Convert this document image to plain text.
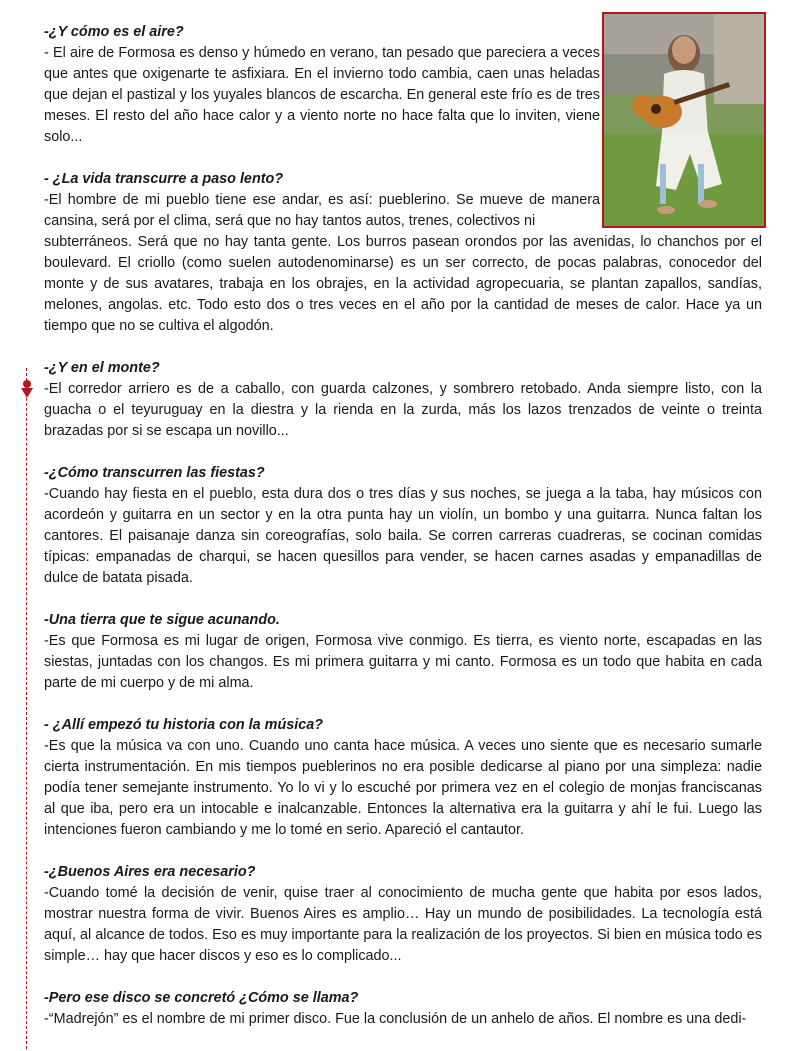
-¿Y cómo es el aire?

- El aire de Formosa es denso y húmedo en verano, tan pesado que pareciera a veces que antes que oxigenarte te asfixiara. En el invierno todo cambia, caen unas heladas que dejan el pastizal y los yuyales blancos de escarcha. En general este frío es de tres meses. El resto del año hace calor y a viento norte no hace falta que lo inviten, viene solo...

- ¿La vida transcurre a paso lento?

-El hombre de mi pueblo tiene ese andar, es así: pueblerino. Se mueve de manera cansina, será por el clima, será que no hay tantos autos, trenes, colectivos ni
subterráneos. Será que no hay tanta gente. Los burros pasean orondos por las avenidas, lo chanchos por el boulevard. El criollo (como suelen autodenominarse) es un ser correcto, de pocas palabras, conocedor del monte y de sus avatares, trabaja en los obrajes, en la actividad agropecuaria, se plantan zapallos, sandías, melones, angolas. etc. Todo esto dos o tres veces en el año por la cantidad de meses de calor. Hace ya un tiempo que no se cultiva el algodón.

-¿Y en el monte?

-El corredor arriero es de a caballo, con guarda calzones, y sombrero retobado. Anda siempre listo, con la guacha o el teyuruguay en la diestra y la rienda en la zurda, más los lazos trenzados de veinte o treinta brazadas por si se escapa un novillo...

-¿Cómo transcurren las fiestas?

-Cuando hay fiesta en el pueblo, esta dura dos o tres días y sus noches, se juega a la taba, hay músicos con acordeón y guitarra en un sector y en la otra punta hay un violín, un bombo y una guitarra. Nunca faltan los cantores. El paisanaje danza sin coreografías, solo baila. Se corren carreras cuadreras, se cocinan comidas típicas: empanadas de charqui, se hacen quesillos para vender, se hacen carnes asadas y empanadillas de dulce de batata pisada.

-Una tierra que te sigue acunando.

-Es que Formosa es mi lugar de origen, Formosa vive conmigo. Es tierra, es viento norte, escapadas en las siestas, juntadas con los changos. Es mi primera guitarra y mi canto. Formosa es un todo que habita en cada parte de mi cuerpo y de mi alma.

- ¿Allí empezó tu historia con la música?

-Es que la música va con uno. Cuando uno canta hace música. A veces uno siente que es necesario sumarle cierta instrumentación. En mis tiempos pueblerinos no era posible dedicarse al piano por una simpleza: nadie podía tener semejante instrumento. Yo lo vi y lo escuché por primera vez en el colegio de monjas franciscanas al que iba, pero era un intocable e inalcanzable. Entonces la alternativa era la guitarra y ahí le fui. Luego las intenciones fueron cambiando y me lo tomé en serio. Apareció el cantautor.

-¿Buenos Aires era necesario?

-Cuando tomé la decisión de venir, quise traer al conocimiento de mucha gente que habita por esos lados, mostrar nuestra forma de vivir. Buenos Aires es amplio… Hay un mundo de posibilidades. La tecnología está aquí, al alcance de todos. Eso es muy importante para la realización de los proyectos. Si bien en música todo es simple… hay que hacer discos y eso es lo complicado...

-Pero ese disco se concretó ¿Cómo se llama?

-“Madrejón” es el nombre de mi primer disco. Fue la conclusión de un anhelo de años. El nombre es una dedi-
